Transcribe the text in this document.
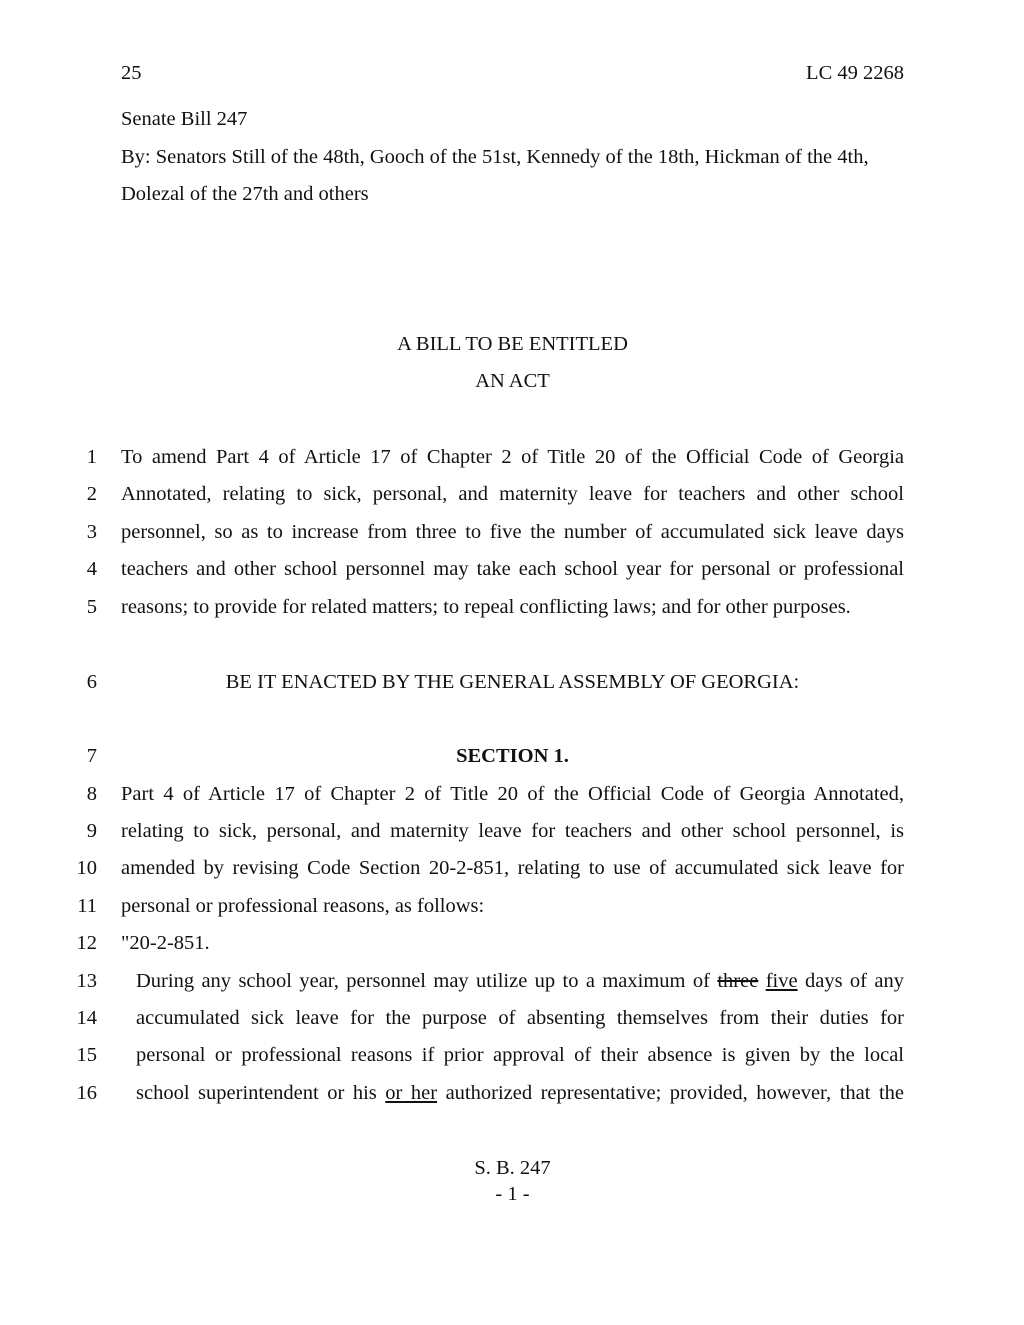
25	LC 49 2268
Senate Bill 247
By: Senators Still of the 48th, Gooch of the 51st, Kennedy of the 18th, Hickman of the 4th,
Dolezal of the 27th and others
A BILL TO BE ENTITLED
AN ACT
1 To amend Part 4 of Article 17 of Chapter 2 of Title 20 of the Official Code of Georgia
2 Annotated, relating to sick, personal, and maternity leave for teachers and other school
3 personnel, so as to increase from three to five the number of accumulated sick leave days
4 teachers and other school personnel may take each school year for personal or professional
5 reasons; to provide for related matters; to repeal conflicting laws; and for other purposes.
6	BE IT ENACTED BY THE GENERAL ASSEMBLY OF GEORGIA:
7	SECTION 1.
8 Part 4 of Article 17 of Chapter 2 of Title 20 of the Official Code of Georgia Annotated,
9 relating to sick, personal, and maternity leave for teachers and other school personnel, is
10 amended by revising Code Section 20-2-851, relating to use of accumulated sick leave for
11 personal or professional reasons, as follows:
12 "20-2-851.
13 During any school year, personnel may utilize up to a maximum of three five days of any
14 accumulated sick leave for the purpose of absenting themselves from their duties for
15 personal or professional reasons if prior approval of their absence is given by the local
16 school superintendent or his or her authorized representative; provided, however, that the
S. B. 247
- 1 -
